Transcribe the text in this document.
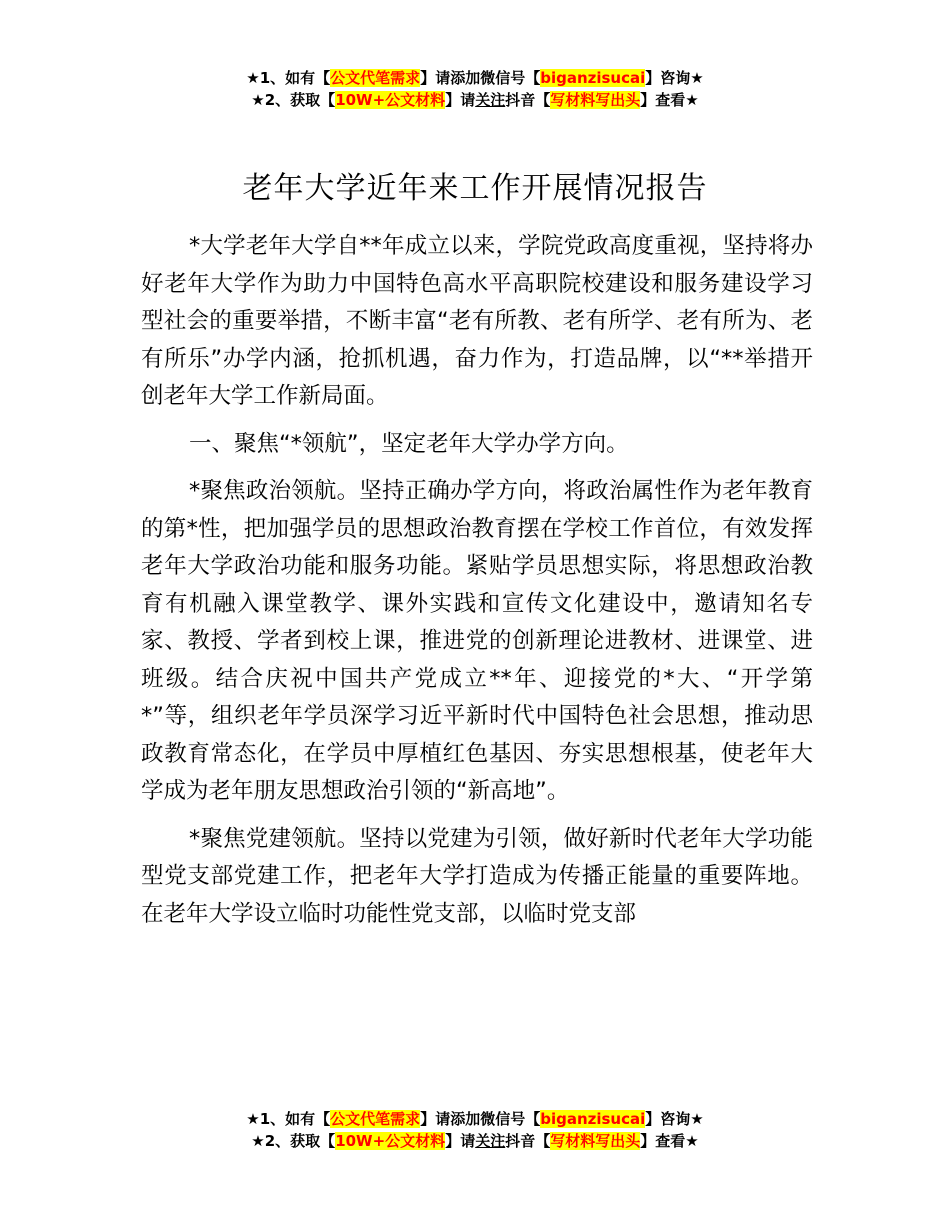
★1、如有【公文代笔需求】请添加微信号【biganzisucai】咨询★
★2、获取【10W+公文材料】请关注抖音【写材料写出头】查看★
老年大学近年来工作开展情况报告

*大学老年大学自**年成立以来，学院党政高度重视，坚持将办好老年大学作为助力中国特色高水平高职院校建设和服务建设学习型社会的重要举措，不断丰富“老有所教、老有所学、老有所为、老有所乐”办学内涵，抢抓机遇，奋力作为，打造品牌，以“**举措开创老年大学工作新局面。

一、聚焦“*领航”，坚定老年大学办学方向。

*聚焦政治领航。坚持正确办学方向，将政治属性作为老年教育的第*性，把加强学员的思想政治教育摆在学校工作首位，有效发挥老年大学政治功能和服务功能。紧贴学员思想实际，将思想政治教育有机融入课堂教学、课外实践和宣传文化建设中，邀请知名专家、教授、学者到校上课，推进党的创新理论进教材、进课堂、进班级。结合庆祝中国共产党成立**年、迎接党的*大、“开学第*”等，组织老年学员深学习近平新时代中国特色社会思想，推动思政教育常态化，在学员中厚植红色基因、夯实思想根基，使老年大学成为老年朋友思想政治引领的“新高地”。

*聚焦党建领航。坚持以党建为引领，做好新时代老年大学功能型党支部党建工作，把老年大学打造成为传播正能量的重要阵地。在老年大学设立临时功能性党支部，以临时党支部

★1、如有【公文代笔需求】请添加微信号【biganzisucai】咨询★
★2、获取【10W+公文材料】请关注抖音【写材料写出头】查看★
